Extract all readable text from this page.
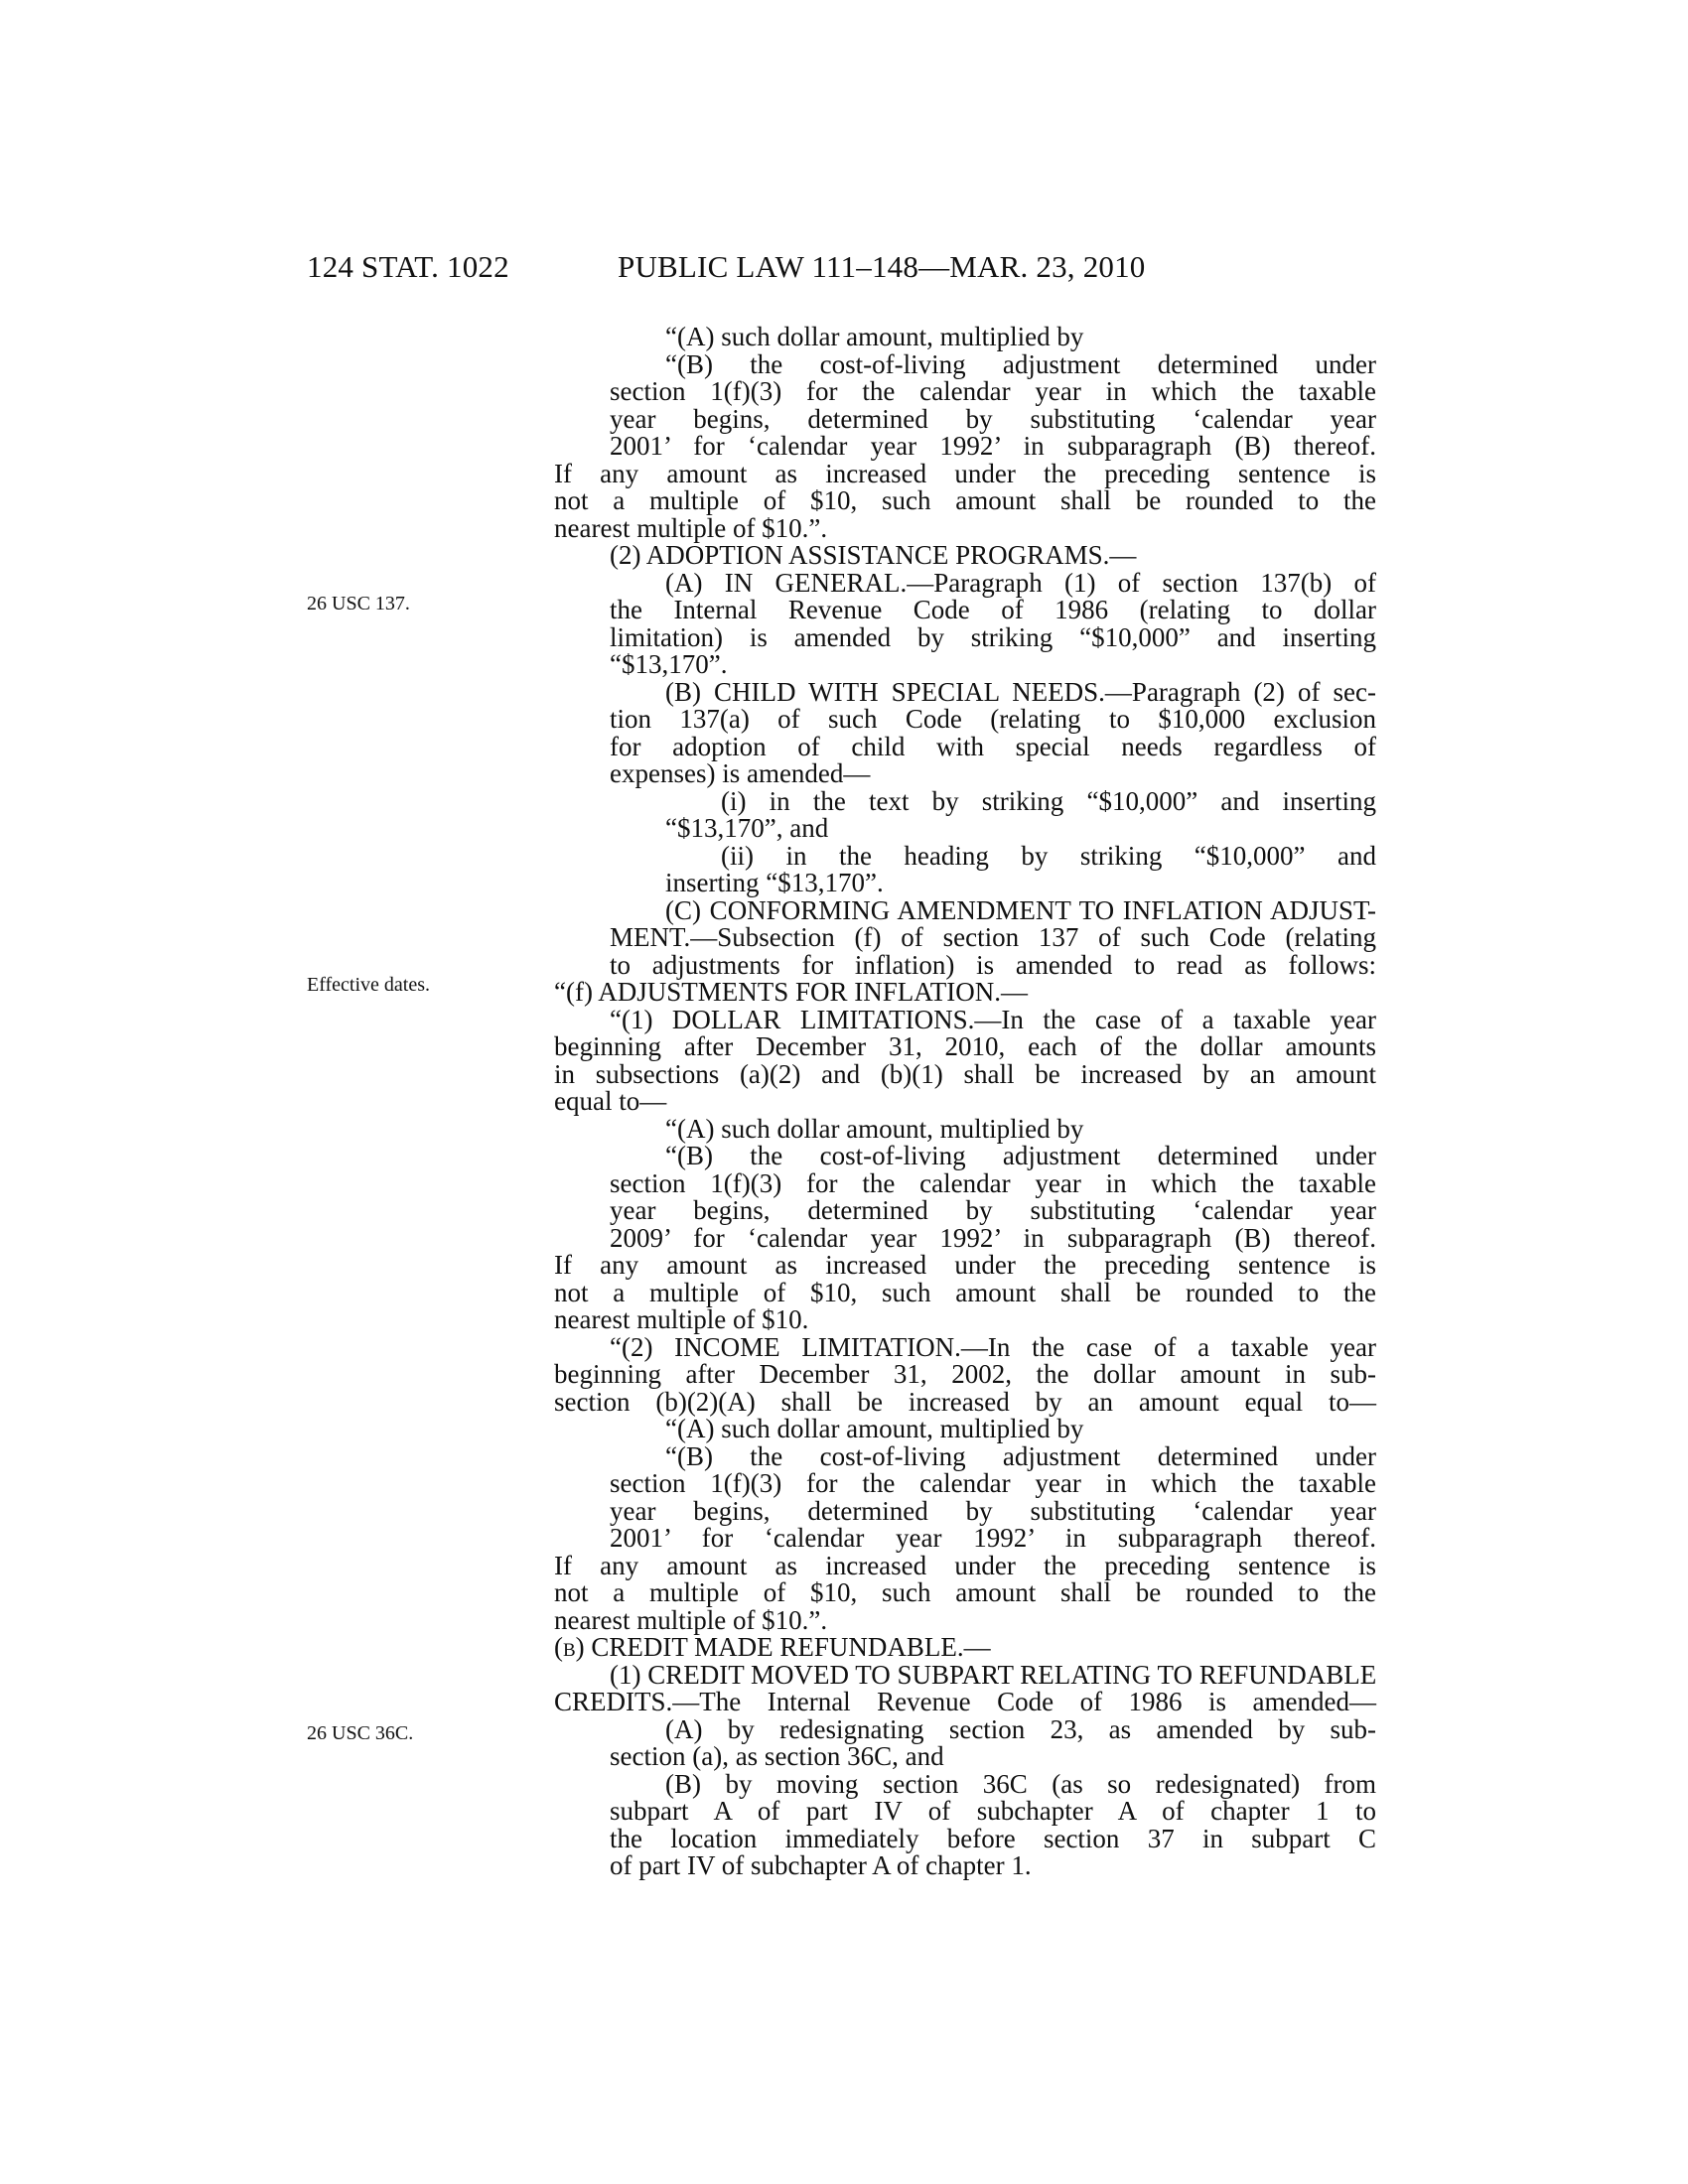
124 STAT. 1022	PUBLIC LAW 111–148—MAR. 23, 2010
26 USC 137.
Effective dates.
26 USC 36C.
“(A) such dollar amount, multiplied by
“(B) the cost-of-living adjustment determined under
section 1(f)(3) for the calendar year in which the taxable
year begins, determined by substituting ‘calendar year
2001’ for ‘calendar year 1992’ in subparagraph (B) thereof.
If any amount as increased under the preceding sentence is
not a multiple of $10, such amount shall be rounded to the
nearest multiple of $10.”.
(2) ADOPTION ASSISTANCE PROGRAMS.—
(A) IN GENERAL.—Paragraph (1) of section 137(b) of
the Internal Revenue Code of 1986 (relating to dollar
limitation) is amended by striking “$10,000” and inserting
“$13,170”.
(B) CHILD WITH SPECIAL NEEDS.—Paragraph (2) of sec-
tion 137(a) of such Code (relating to $10,000 exclusion
for adoption of child with special needs regardless of
expenses) is amended—
(i) in the text by striking “$10,000” and inserting
“$13,170”, and
(ii) in the heading by striking “$10,000” and
inserting “$13,170”.
(C) CONFORMING AMENDMENT TO INFLATION ADJUST-
MENT.—Subsection (f) of section 137 of such Code (relating
to adjustments for inflation) is amended to read as follows:
“(f) ADJUSTMENTS FOR INFLATION.—
“(1) DOLLAR LIMITATIONS.—In the case of a taxable year
beginning after December 31, 2010, each of the dollar amounts
in subsections (a)(2) and (b)(1) shall be increased by an amount
equal to—
“(A) such dollar amount, multiplied by
“(B) the cost-of-living adjustment determined under
section 1(f)(3) for the calendar year in which the taxable
year begins, determined by substituting ‘calendar year
2009’ for ‘calendar year 1992’ in subparagraph (B) thereof.
If any amount as increased under the preceding sentence is
not a multiple of $10, such amount shall be rounded to the
nearest multiple of $10.
“(2) INCOME LIMITATION.—In the case of a taxable year
beginning after December 31, 2002, the dollar amount in sub-
section (b)(2)(A) shall be increased by an amount equal to—
“(A) such dollar amount, multiplied by
“(B) the cost-of-living adjustment determined under
section 1(f)(3) for the calendar year in which the taxable
year begins, determined by substituting ‘calendar year
2001’ for ‘calendar year 1992’ in subparagraph thereof.
If any amount as increased under the preceding sentence is
not a multiple of $10, such amount shall be rounded to the
nearest multiple of $10.”.
(b) CREDIT MADE REFUNDABLE.—
(1) CREDIT MOVED TO SUBPART RELATING TO REFUNDABLE
CREDITS.—The Internal Revenue Code of 1986 is amended—
(A) by redesignating section 23, as amended by sub-
section (a), as section 36C, and
(B) by moving section 36C (as so redesignated) from
subpart A of part IV of subchapter A of chapter 1 to
the location immediately before section 37 in subpart C
of part IV of subchapter A of chapter 1.
